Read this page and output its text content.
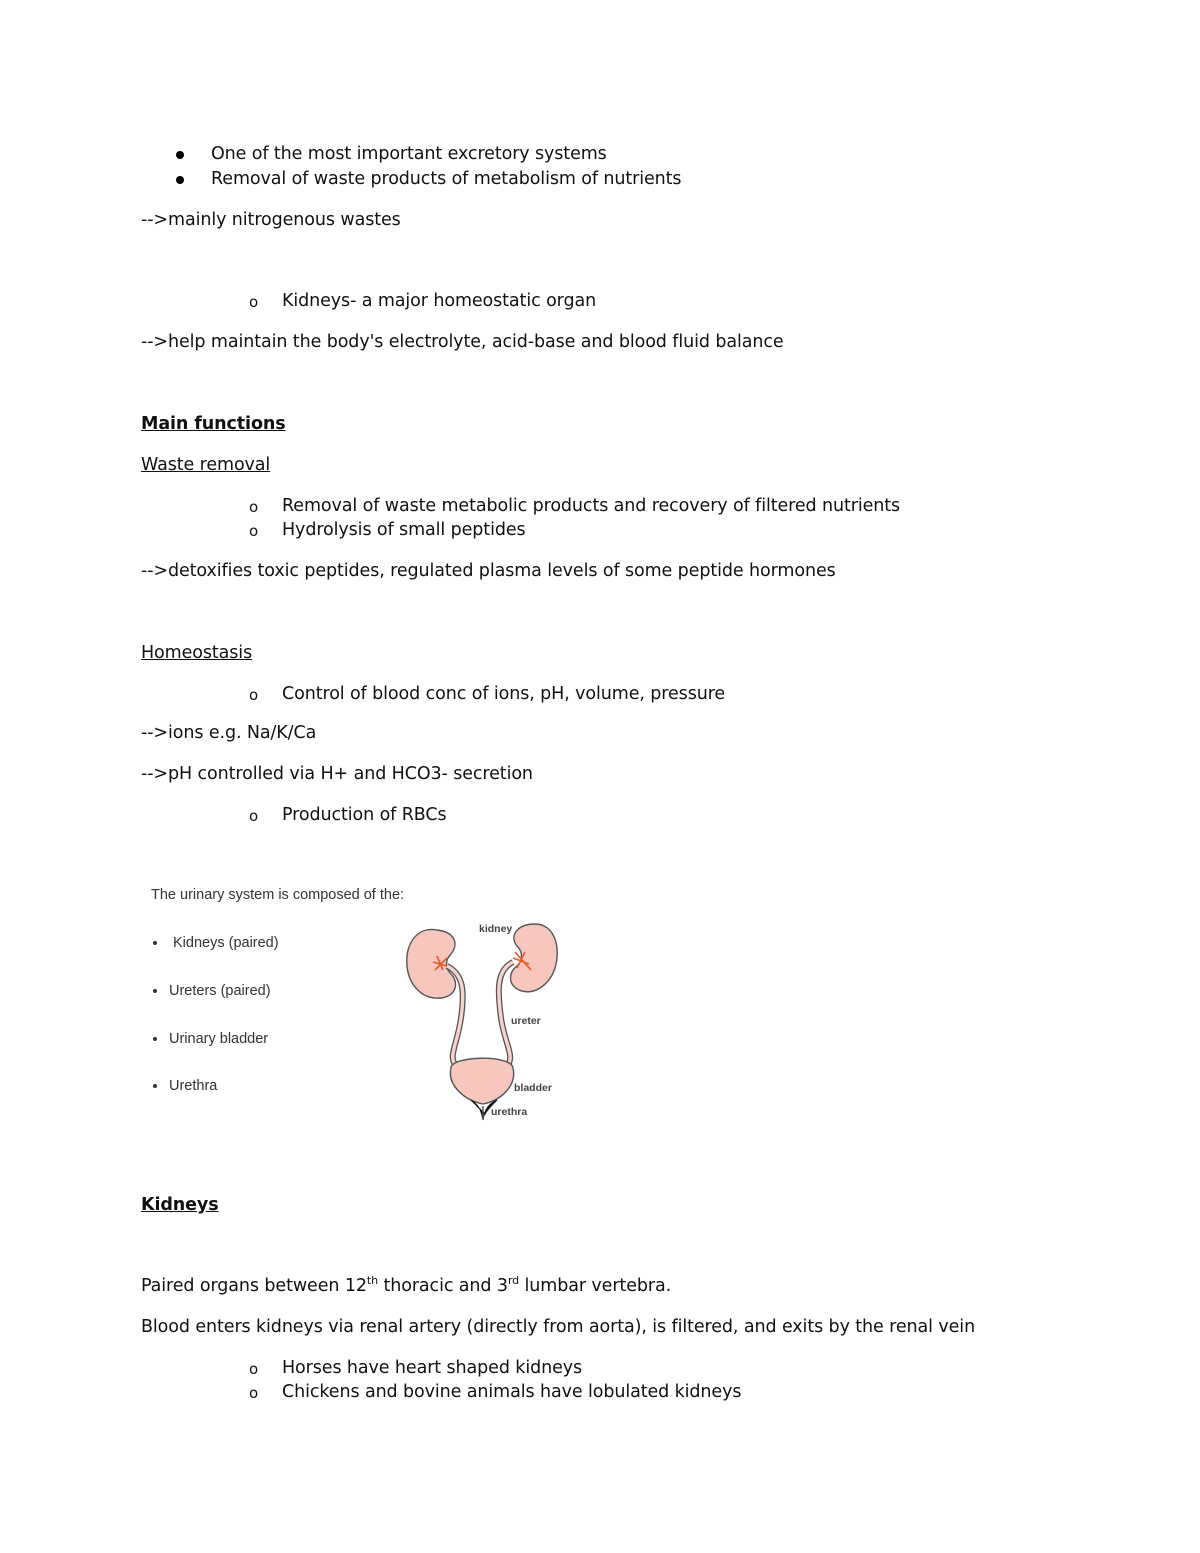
One of the most important excretory systems
Removal of waste products of metabolism of nutrients
-->mainly nitrogenous wastes
o Kidneys- a major homeostatic organ
-->help maintain the body's electrolyte, acid-base and blood fluid balance
Main functions
Waste removal
o Removal of waste metabolic products and recovery of filtered nutrients
o Hydrolysis of small peptides
-->detoxifies toxic peptides, regulated plasma levels of some peptide hormones
Homeostasis
o Control of blood conc of ions, pH, volume, pressure
-->ions e.g. Na/K/Ca
-->pH controlled via H+ and HCO3- secretion
o Production of RBCs
The urinary system is composed of the:
Kidneys (paired)
Ureters (paired)
Urinary bladder
Urethra
kidney
ureter
bladder
urethra
Kidneys
Paired organs between 12th thoracic and 3rd lumbar vertebra.
Blood enters kidneys via renal artery (directly from aorta), is filtered, and exits by the renal vein
o Horses have heart shaped kidneys
o Chickens and bovine animals have lobulated kidneys
